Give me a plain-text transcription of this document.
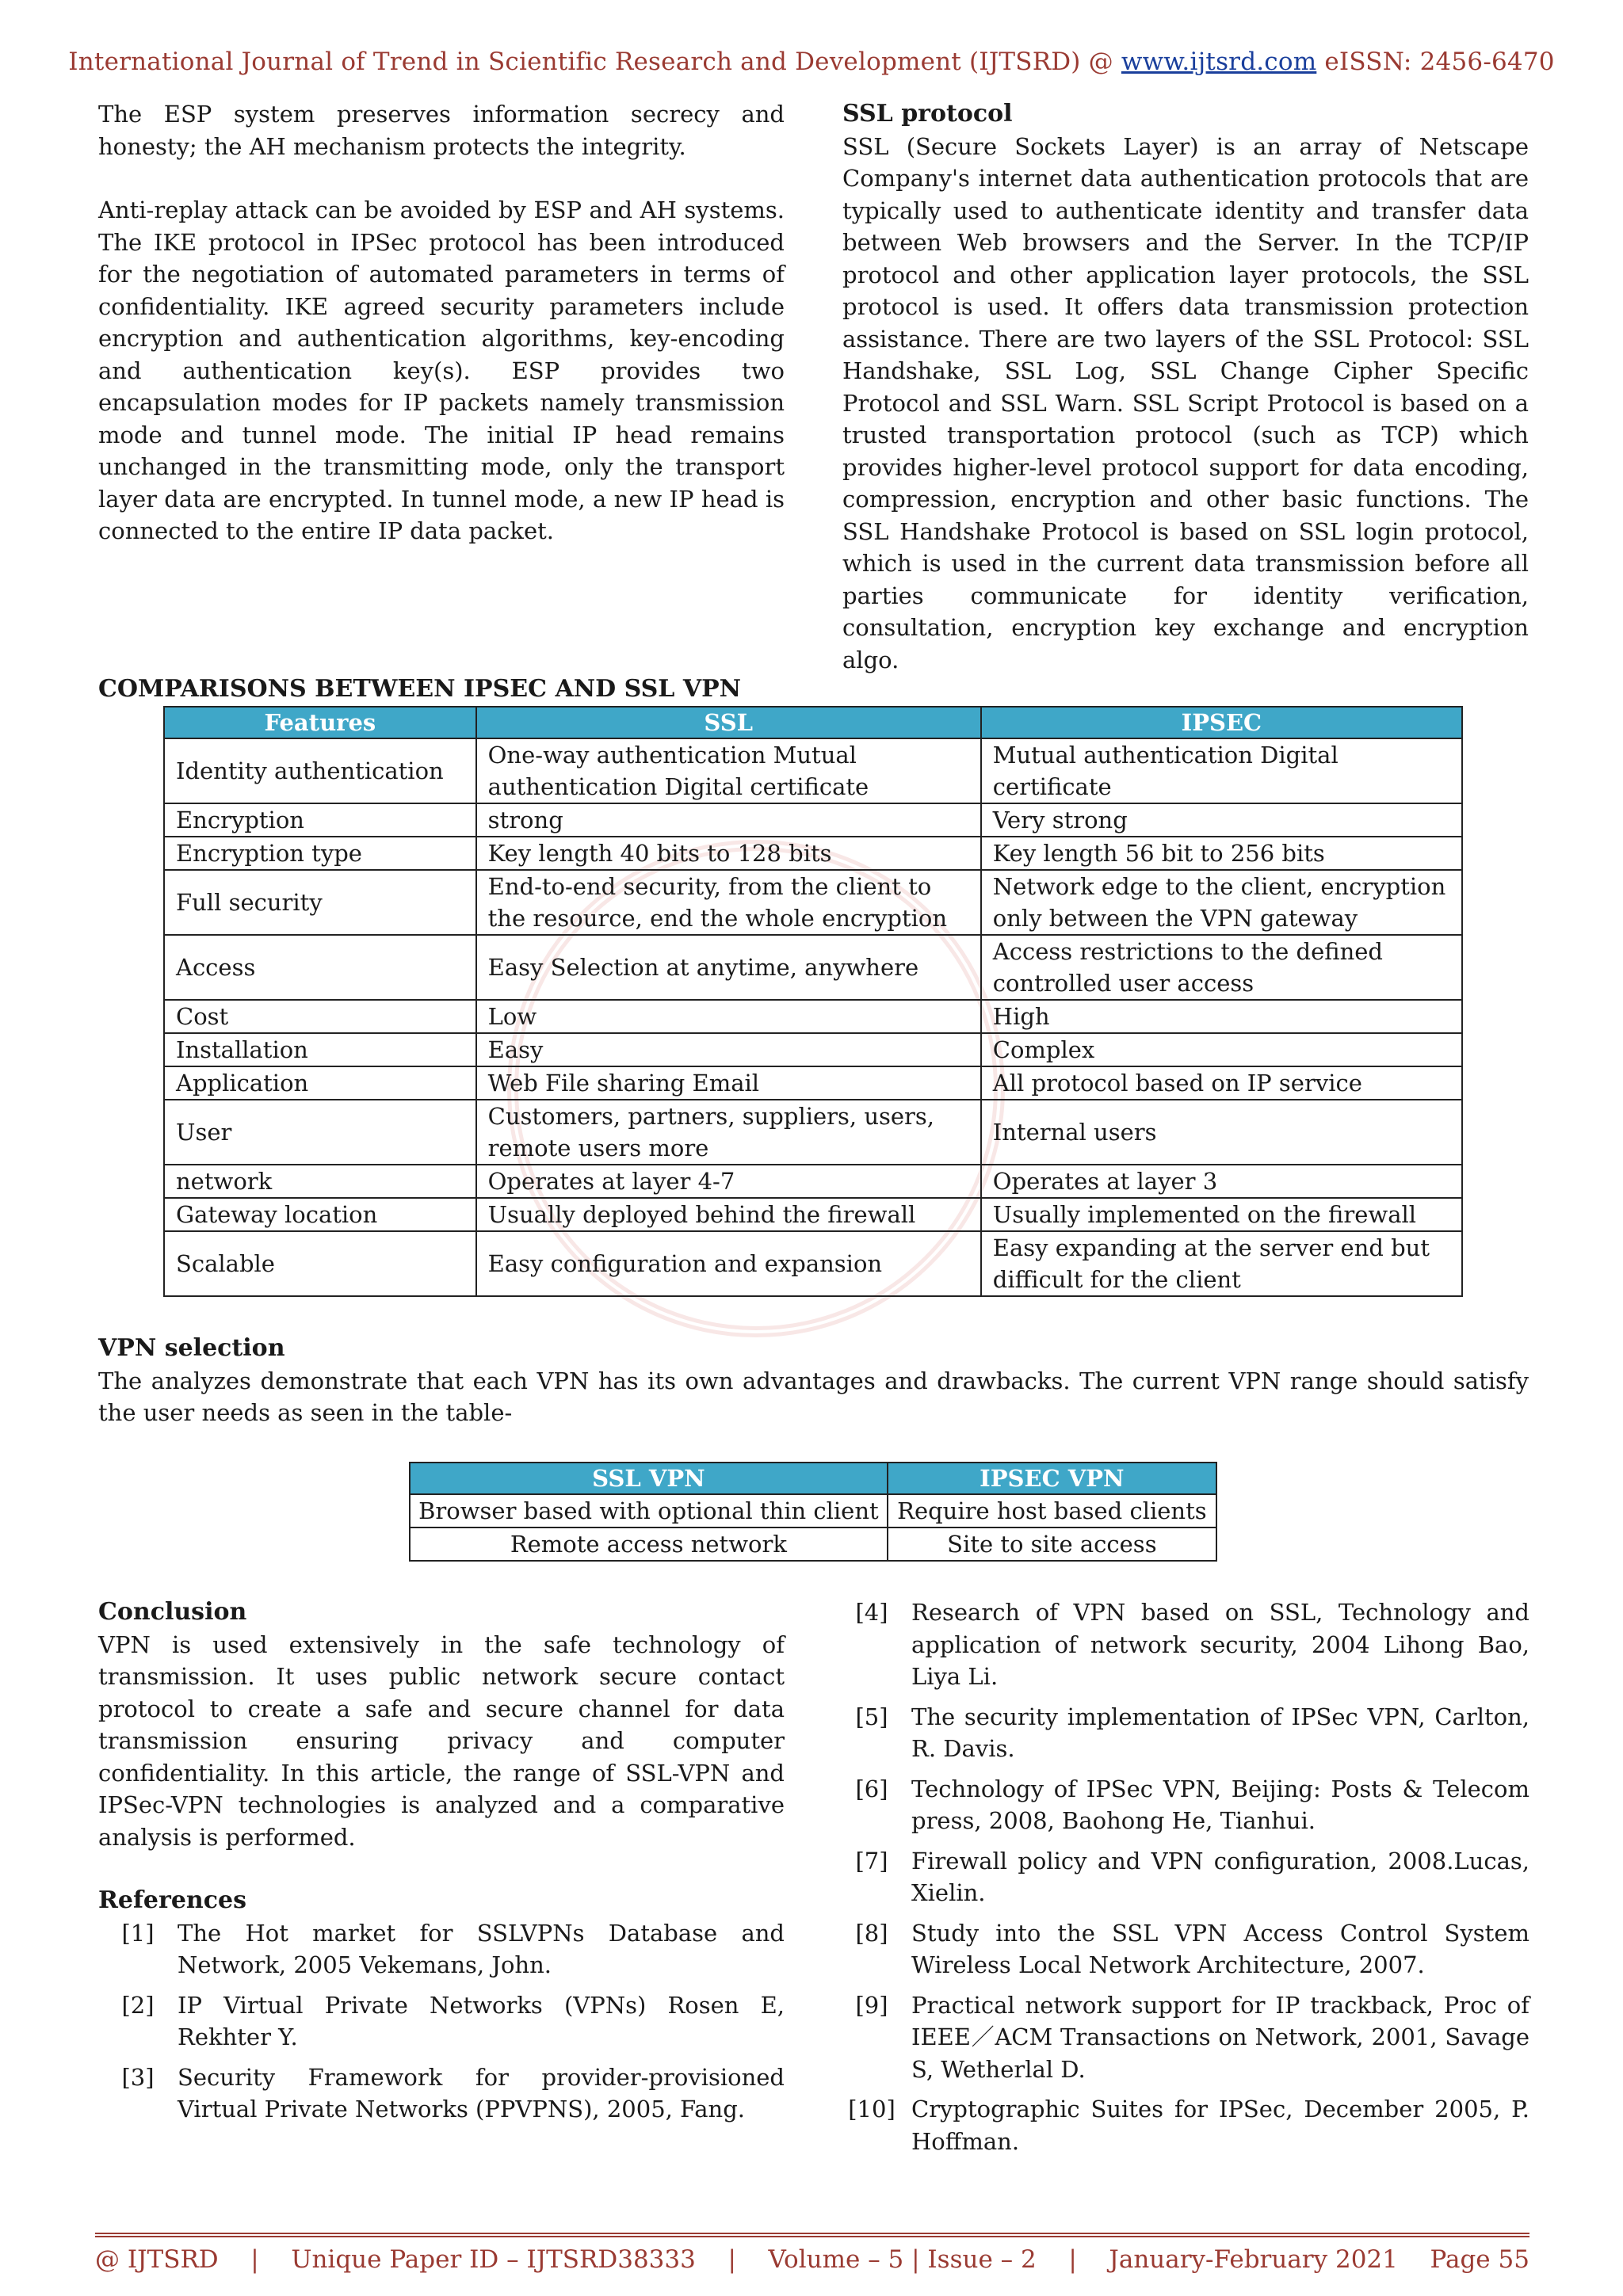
International Journal of Trend in Scientific Research and Development (IJTSRD) @ www.ijtsrd.com eISSN: 2456-6470

The ESP system preserves information secrecy and honesty; the AH mechanism protects the integrity.

Anti-replay attack can be avoided by ESP and AH systems. The IKE protocol in IPSec protocol has been introduced for the negotiation of automated parameters in terms of confidentiality. IKE agreed security parameters include encryption and authentication algorithms, key-encoding and authentication key(s). ESP provides two encapsulation modes for IP packets namely transmission mode and tunnel mode. The initial IP head remains unchanged in the transmitting mode, only the transport layer data are encrypted. In tunnel mode, a new IP head is connected to the entire IP data packet.

SSL protocol

SSL (Secure Sockets Layer) is an array of Netscape Company's internet data authentication protocols that are typically used to authenticate identity and transfer data between Web browsers and the Server. In the TCP/IP protocol and other application layer protocols, the SSL protocol is used. It offers data transmission protection assistance. There are two layers of the SSL Protocol: SSL Handshake, SSL Log, SSL Change Cipher Specific Protocol and SSL Warn. SSL Script Protocol is based on a trusted transportation protocol (such as TCP) which provides higher-level protocol support for data encoding, compression, encryption and other basic functions. The SSL Handshake Protocol is based on SSL login protocol, which is used in the current data transmission before all parties communicate for identity verification, consultation, encryption key exchange and encryption algo.

COMPARISONS BETWEEN IPSEC AND SSL VPN

Features	SSL	IPSEC
Identity authentication	One-way authentication Mutual authentication Digital certificate	Mutual authentication Digital certificate
Encryption	strong	Very strong
Encryption type	Key length 40 bits to 128 bits	Key length 56 bit to 256 bits
Full security	End-to-end security, from the client to the resource, end the whole encryption	Network edge to the client, encryption only between the VPN gateway
Access	Easy Selection at anytime, anywhere	Access restrictions to the defined controlled user access
Cost	Low	High
Installation	Easy	Complex
Application	Web File sharing Email	All protocol based on IP service
User	Customers, partners, suppliers, users, remote users more	Internal users
network	Operates at layer 4-7	Operates at layer 3
Gateway location	Usually deployed behind the firewall	Usually implemented on the firewall
Scalable	Easy configuration and expansion	Easy expanding at the server end but difficult for the client

VPN selection

The analyzes demonstrate that each VPN has its own advantages and drawbacks. The current VPN range should satisfy the user needs as seen in the table-

SSL VPN	IPSEC VPN
Browser based with optional thin client	Require host based clients
Remote access network	Site to site access

Conclusion

VPN is used extensively in the safe technology of transmission. It uses public network secure contact protocol to create a safe and secure channel for data transmission ensuring privacy and computer confidentiality. In this article, the range of SSL-VPN and IPSec-VPN technologies is analyzed and a comparative analysis is performed.

References

[1]	The Hot market for SSLVPNs Database and Network, 2005 Vekemans, John.
[2]	IP Virtual Private Networks (VPNs) Rosen E, Rekhter Y.
[3]	Security Framework for provider-provisioned Virtual Private Networks (PPVPNS), 2005, Fang.
[4]	Research of VPN based on SSL, Technology and application of network security, 2004 Lihong Bao, Liya Li.
[5]	The security implementation of IPSec VPN, Carlton, R. Davis.
[6]	Technology of IPSec VPN, Beijing: Posts & Telecom press, 2008, Baohong He, Tianhui.
[7]	Firewall policy and VPN configuration, 2008.Lucas, Xielin.
[8]	Study into the SSL VPN Access Control System Wireless Local Network Architecture, 2007.
[9]	Practical network support for IP trackback, Proc of IEEE／ACM Transactions on Network, 2001, Savage S, Wetherlal D.
[10] Cryptographic Suites for IPSec, December 2005, P. Hoffman.
@ IJTSRD | Unique Paper ID – IJTSRD38333 | Volume – 5 | Issue – 2 | January-February 2021 Page 55
